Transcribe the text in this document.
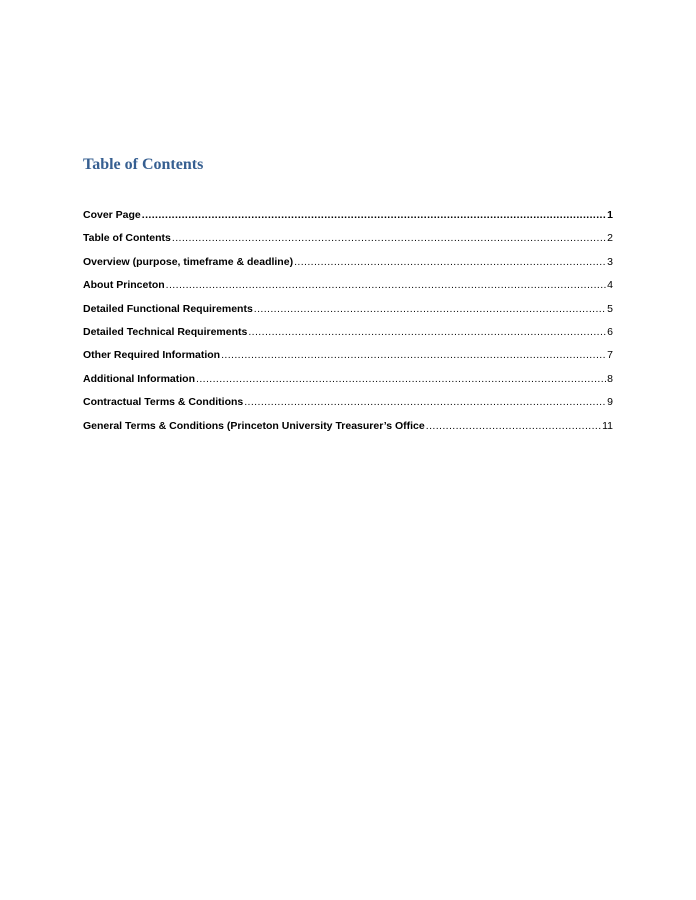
Table of Contents
Cover Page .....	1
Table of Contents .....	2
Overview (purpose, timeframe & deadline) .....	3
About Princeton .....	4
Detailed Functional Requirements .....	5
Detailed Technical Requirements .....	6
Other Required Information .....	7
Additional Information .....	8
Contractual Terms & Conditions .....	9
General Terms & Conditions (Princeton University Treasurer’s Office .....	11
